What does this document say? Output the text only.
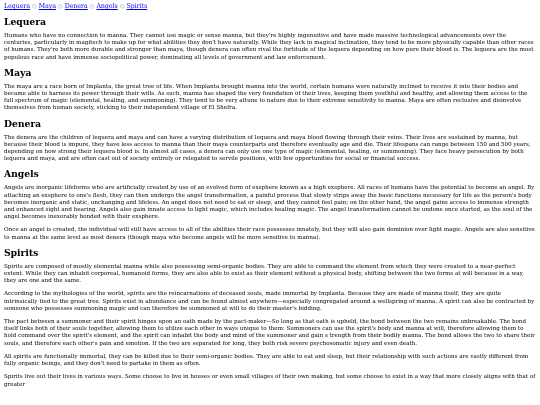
Lequera ◇ Maya ◇ Denera ◇ Angels ◇ Spirits
Lequera

Humans who have no connection to manna. They cannot use magic or sense manna, but they're highly ingenuitive and have made massive technological advancements over the centuries, particularly in magitech to make up for what abilities they don't have naturally. While they lack in magical inclination, they tend to be more physically capable than other races of humans. They're both more durable and stronger than maya, though denera can often rival the fortitude of the lequera depending on how pure their blood is. The lequera are the most populous race and have immense sociopolitical power, dominating all levels of government and law enforcement.

Maya

The maya are a race born of Implanta, the great tree of life. When Implanta brought manna into the world, certain humans were naturally inclined to receive it into their bodies and became able to harness its power through their wills. As such, manna has shaped the very foundation of their lives, keeping them youthful and healthy, and allowing them access to the full spectrum of magic (elemental, healing, and summoning). They tend to be very attune to nature due to their extreme sensitivity to manna. Maya are often reclusive and disinvolve themselves from human society, sticking to their independent village of El Shefra.

Denera

The denera are the children of lequera and maya and can have a varying distribution of lequera and maya blood flowing through their veins. Their lives are sustained by manna, but because their blood is impure, they have less access to manna than their maya counterparts and therefore eventually age and die. Their lifespans can range between 150 and 500 years, depending on how strong their lequera blood is. In almost all cases, a denera can only use one type of magic (elemental, healing, or summoning). They face heavy persecution by both lequera and maya, and are often cast out of society entirely or relegated to servile positions, with few opportunities for social or financial success.

Angels

Angels are inorganic lifeforms who are artificially created by use of an evolved form of exsphere known as a high exsphere. All races of humans have the potential to become an angel. By attaching an exsphere to one's flesh, they can then undergo the angel transformation, a painful process that slowly strips away the basic functions necessary for life as the person's body becomes inorganic and static, unchanging and lifeless. An angel does not need to eat or sleep, and they cannot feel pain; on the other hand, the angel gains access to immense strength and enhanced sight and hearing. Angels also gain innate access to light magic, which includes healing magic. The angel transformation cannot be undone once started, as the soul of the angel becomes inexorably bonded with their exsphere.

Once an angel is created, the individual will still have access to all of the abilities their race possesses innately, but they will also gain dominion over light magic. Angels are also sensitive to manna at the same level as most denera (though maya who become angels will be more sensitive to manna).

Spirits

Spirits are composed of mostly elemental manna while also possessing semi-organic bodies. They are able to command the element from which they were created to a near-perfect extent. While they can inhabit corporeal, humanoid forms, they are also able to exist as their element without a physical body, shifting between the two forms at will because in a way, they are one and the same.

According to the mythologies of the world, spirits are the reincarnations of deceased souls, made immortal by Implanta. Because they are made of manna itself, they are quite intrinsically tied to the great tree. Spirits exist in abundance and can be found almost anywhere—especially congregated around a wellspring of manna. A spirit can also be contracted by someone who possesses summoning magic and can therefore be summoned at will to do their master's bidding.

The pact between a summoner and their spirit hinges upon an oath made by the pact-maker—So long as that oath is upheld, the bond between the two remains unbreakable. The bond itself links both of their souls together, allowing them to utilize each other in ways unique to them: Summoners can use the spirit's body and manna at will, therefore allowing them to hold command over the spirit's element, and the spirit can inhabit the body and mind of the summoner and gain s trength from their bodily manna. The bond allows the two to share their souls, and therefore each other's pain and emotion. If the two are separated for long, they both risk severe psychosomatic injury and even death.

All spirits are functionally immortal, they can be killed due to their semi-organic bodies. They are able to eat and sleep, but their relationship with such actions are vastly different from fully organic beings, and they don't need to partake in them as often.

Spirits live out their lives in various ways. Some choose to live in houses or even small villages of their own making, but some choose to exist in a way that more closely aligns with that of greater
